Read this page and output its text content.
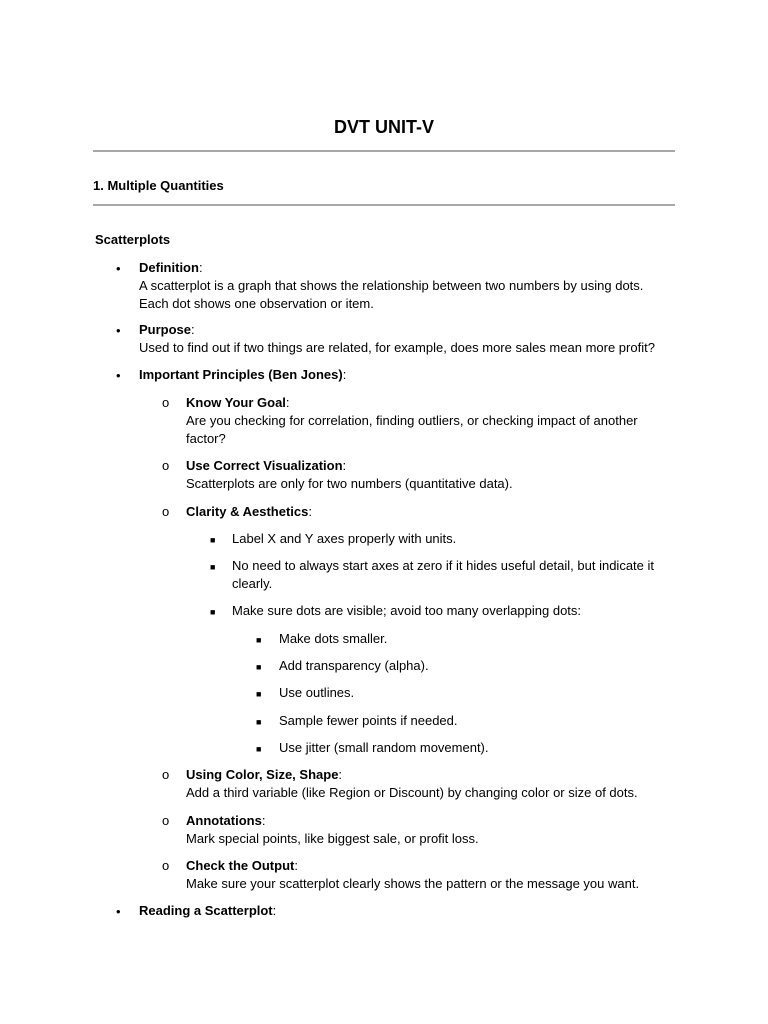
DVT UNIT-V
1. Multiple Quantities
Scatterplots
• Definition:
A scatterplot is a graph that shows the relationship between two numbers by using dots.
Each dot shows one observation or item.
• Purpose:
Used to find out if two things are related, for example, does more sales mean more profit?
• Important Principles (Ben Jones):
o Know Your Goal:
Are you checking for correlation, finding outliers, or checking impact of another
factor?
o Use Correct Visualization:
Scatterplots are only for two numbers (quantitative data).
o Clarity & Aesthetics:
■ Label X and Y axes properly with units.
■ No need to always start axes at zero if it hides useful detail, but indicate it
clearly.
■ Make sure dots are visible; avoid too many overlapping dots:
■ Make dots smaller.
■ Add transparency (alpha).
■ Use outlines.
■ Sample fewer points if needed.
■ Use jitter (small random movement).
o Using Color, Size, Shape:
Add a third variable (like Region or Discount) by changing color or size of dots.
o Annotations:
Mark special points, like biggest sale, or profit loss.
o Check the Output:
Make sure your scatterplot clearly shows the pattern or the message you want.
• Reading a Scatterplot:
